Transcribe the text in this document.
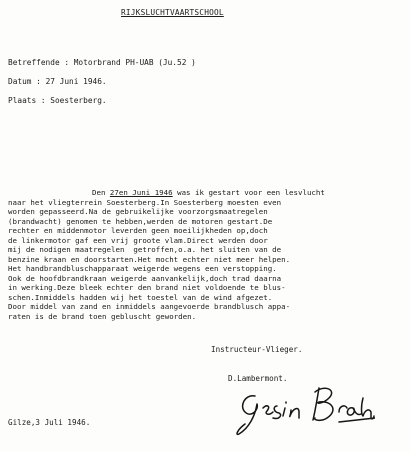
RIJKSLUCHTVAARTSCHOOL
Betreffende : Motorbrand PH-UAB (Ju.52 )
Datum : 27 Juni 1946.
Plaats : Soesterberg.
Den 27en Juni 1946 was ik gestart voor een lesvlucht
naar het vliegterrein Soesterberg.In Soesterberg moesten even
worden gepasseerd.Na de gebruikelijke voorzorgsmaatregelen
(brandwacht) genomen te hebben,werden de motoren gestart.De
rechter en middenmotor leverden geen moeilijkheden op,doch
de linkermotor gaf een vrij groote vlam.Direct werden door
mij de nodigen maatregelen  getroffen,o.a. het sluiten van de
benzine kraan en doorstarten.Het mocht echter niet meer helpen.
Het handbrandbluschapparaat weigerde wegens een verstopping.
Ook de hoofdbrandkraan weigerde aanvankelijk,doch trad daarna
in werking.Deze bleek echter den brand niet voldoende te blus-
schen.Inmiddels hadden wij het toestel van de wind afgezet.
Door middel van zand en inmiddels aangevoerde brandblusch appa-
raten is de brand toen gebluscht geworden.
Instructeur-Vlieger.
D.Lambermont.
Gilze,3 Juli 1946.
